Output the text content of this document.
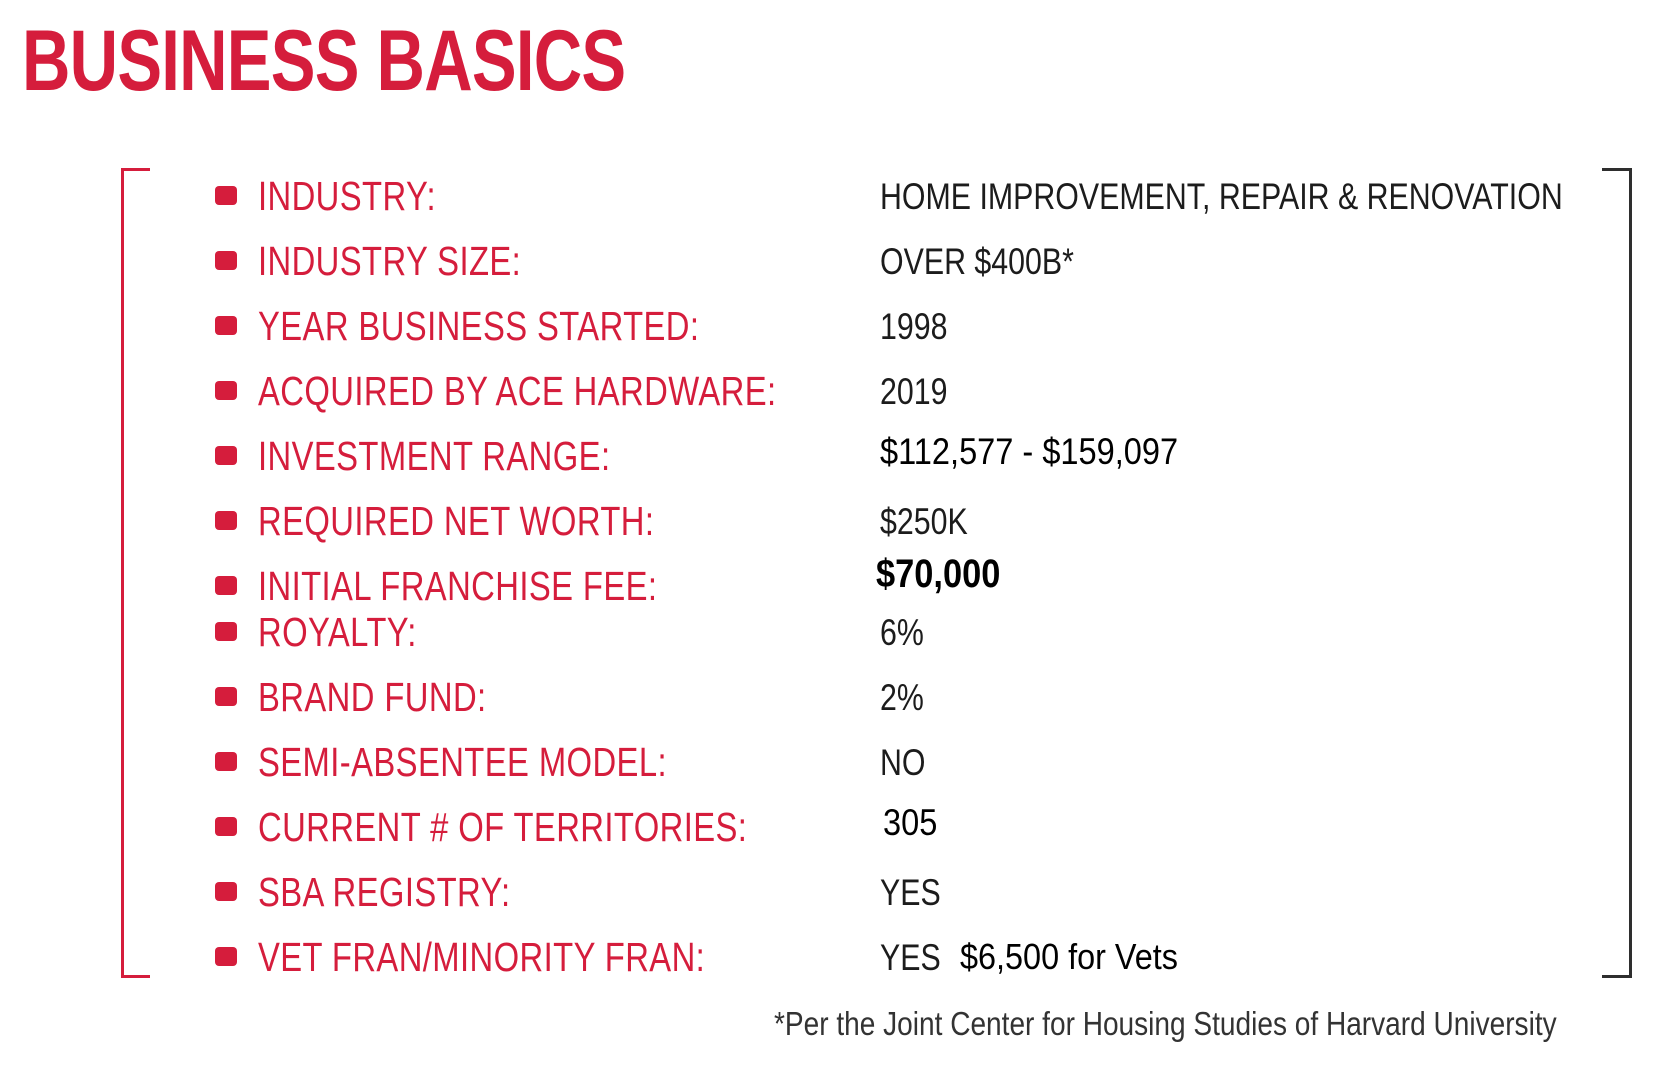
BUSINESS BASICS
INDUSTRY:	HOME IMPROVEMENT, REPAIR & RENOVATION
INDUSTRY SIZE:	OVER $400B*
YEAR BUSINESS STARTED:	1998
ACQUIRED BY ACE HARDWARE:	2019
INVESTMENT RANGE:	$112,577 - $159,097
REQUIRED NET WORTH:	$250K
INITIAL FRANCHISE FEE:	$70,000
ROYALTY:	6%
BRAND FUND:	2%
SEMI-ABSENTEE MODEL:	NO
CURRENT # OF TERRITORIES:	305
SBA REGISTRY:	YES
VET FRAN/MINORITY FRAN:	YES $6,500 for Vets
*Per the Joint Center for Housing Studies of Harvard University
